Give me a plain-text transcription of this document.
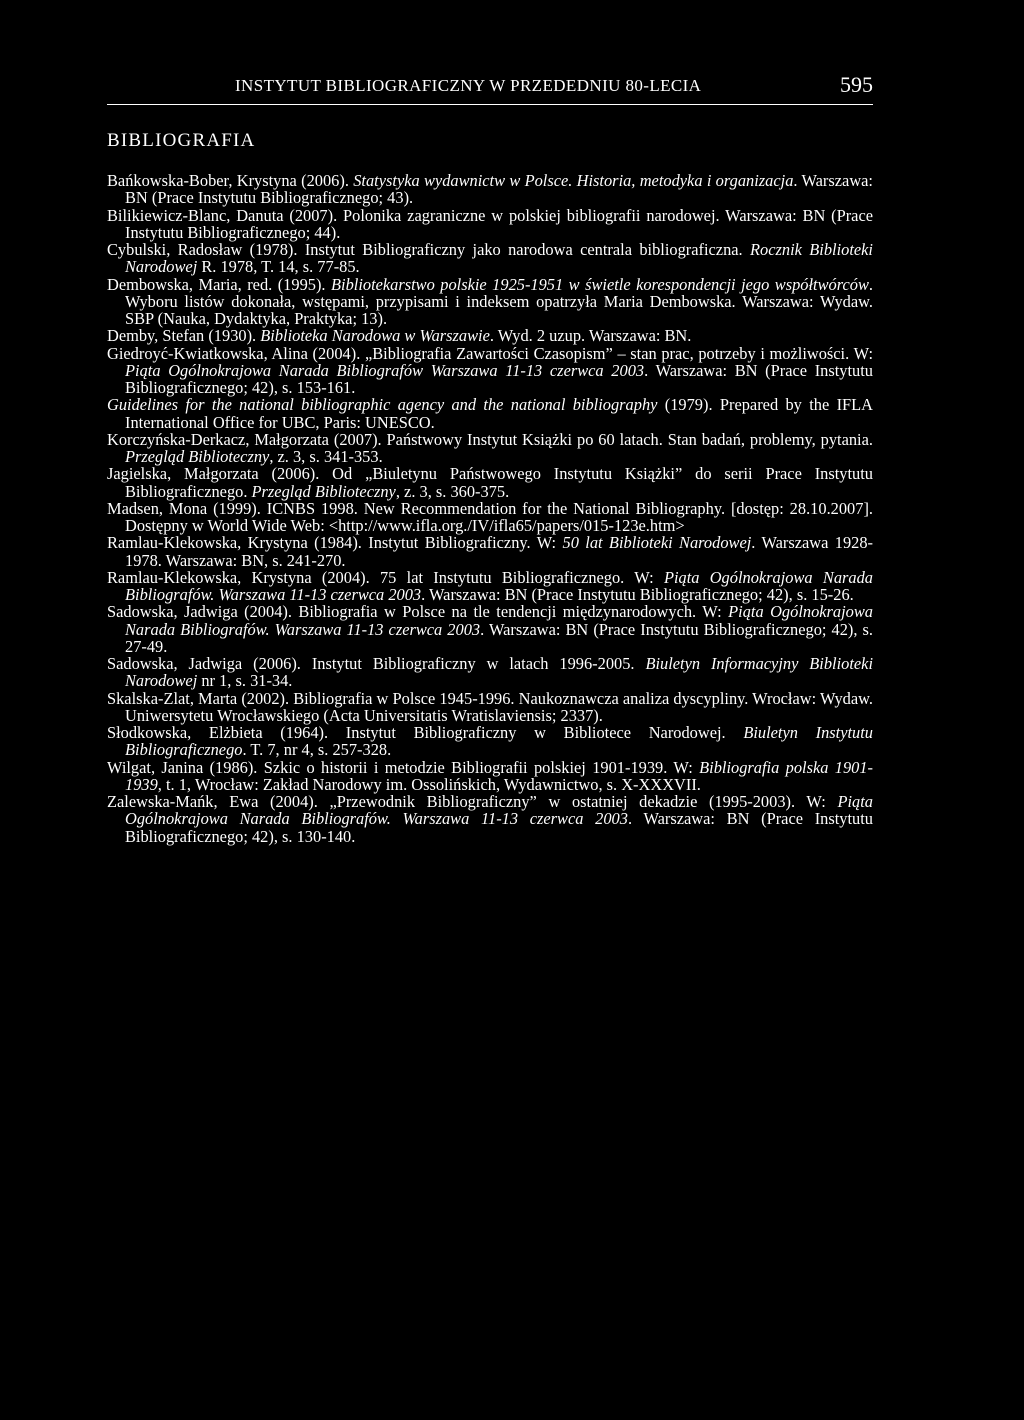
INSTYTUT BIBLIOGRAFICZNY W PRZEDEDNIU 80-LECIA	595
BIBLIOGRAFIA

Bańkowska-Bober, Krystyna (2006). Statystyka wydawnictw w Polsce. Historia, metodyka i organizacja. Warszawa: BN (Prace Instytutu Bibliograficznego; 43).

Bilikiewicz-Blanc, Danuta (2007). Polonika zagraniczne w polskiej bibliografii narodowej. Warszawa: BN (Prace Instytutu Bibliograficznego; 44).

Cybulski, Radosław (1978). Instytut Bibliograficzny jako narodowa centrala bibliograficzna. Rocznik Biblioteki Narodowej R. 1978, T. 14, s. 77-85.

Dembowska, Maria, red. (1995). Bibliotekarstwo polskie 1925-1951 w świetle korespondencji jego współtwórców. Wyboru listów dokonała, wstępami, przypisami i indeksem opatrzyła Maria Dembowska. Warszawa: Wydaw. SBP (Nauka, Dydaktyka, Praktyka; 13).

Demby, Stefan (1930). Biblioteka Narodowa w Warszawie. Wyd. 2 uzup. Warszawa: BN.

Giedroyć-Kwiatkowska, Alina (2004). „Bibliografia Zawartości Czasopism” – stan prac, potrzeby i możliwości. W: Piąta Ogólnokrajowa Narada Bibliografów Warszawa 11-13 czerwca 2003. Warszawa: BN (Prace Instytutu Bibliograficznego; 42), s. 153-161.

Guidelines for the national bibliographic agency and the national bibliography (1979). Prepared by the IFLA International Office for UBC, Paris: UNESCO.

Korczyńska-Derkacz, Małgorzata (2007). Państwowy Instytut Książki po 60 latach. Stan badań, problemy, pytania. Przegląd Biblioteczny, z. 3, s. 341-353.

Jagielska, Małgorzata (2006). Od „Biuletynu Państwowego Instytutu Książki” do serii Prace Instytutu Bibliograficznego. Przegląd Biblioteczny, z. 3, s. 360-375.

Madsen, Mona (1999). ICNBS 1998. New Recommendation for the National Bibliography. [dostęp: 28.10.2007]. Dostępny w World Wide Web: <http://www.ifla.org./IV/ifla65/papers/015-123e.htm>

Ramlau-Klekowska, Krystyna (1984). Instytut Bibliograficzny. W: 50 lat Biblioteki Narodowej. Warszawa 1928-1978. Warszawa: BN, s. 241-270.

Ramlau-Klekowska, Krystyna (2004). 75 lat Instytutu Bibliograficznego. W: Piąta Ogólnokrajowa Narada Bibliografów. Warszawa 11-13 czerwca 2003. Warszawa: BN (Prace Instytutu Bibliograficznego; 42), s. 15-26.

Sadowska, Jadwiga (2004). Bibliografia w Polsce na tle tendencji międzynarodowych. W: Piąta Ogólnokrajowa Narada Bibliografów. Warszawa 11-13 czerwca 2003. Warszawa: BN (Prace Instytutu Bibliograficznego; 42), s. 27-49.

Sadowska, Jadwiga (2006). Instytut Bibliograficzny w latach 1996-2005. Biuletyn Informacyjny Biblioteki Narodowej nr 1, s. 31-34.

Skalska-Zlat, Marta (2002). Bibliografia w Polsce 1945-1996. Naukoznawcza analiza dyscypliny. Wrocław: Wydaw. Uniwersytetu Wrocławskiego (Acta Universitatis Wratislaviensis; 2337).

Słodkowska, Elżbieta (1964). Instytut Bibliograficzny w Bibliotece Narodowej. Biuletyn Instytutu Bibliograficznego. T. 7, nr 4, s. 257-328.

Wilgat, Janina (1986). Szkic o historii i metodzie Bibliografii polskiej 1901-1939. W: Bibliografia polska 1901-1939, t. 1, Wrocław: Zakład Narodowy im. Ossolińskich, Wydawnictwo, s. X-XXXVII.

Zalewska-Mańk, Ewa (2004). „Przewodnik Bibliograficzny” w ostatniej dekadzie (1995-2003). W: Piąta Ogólnokrajowa Narada Bibliografów. Warszawa 11-13 czerwca 2003. Warszawa: BN (Prace Instytutu Bibliograficznego; 42), s. 130-140.
